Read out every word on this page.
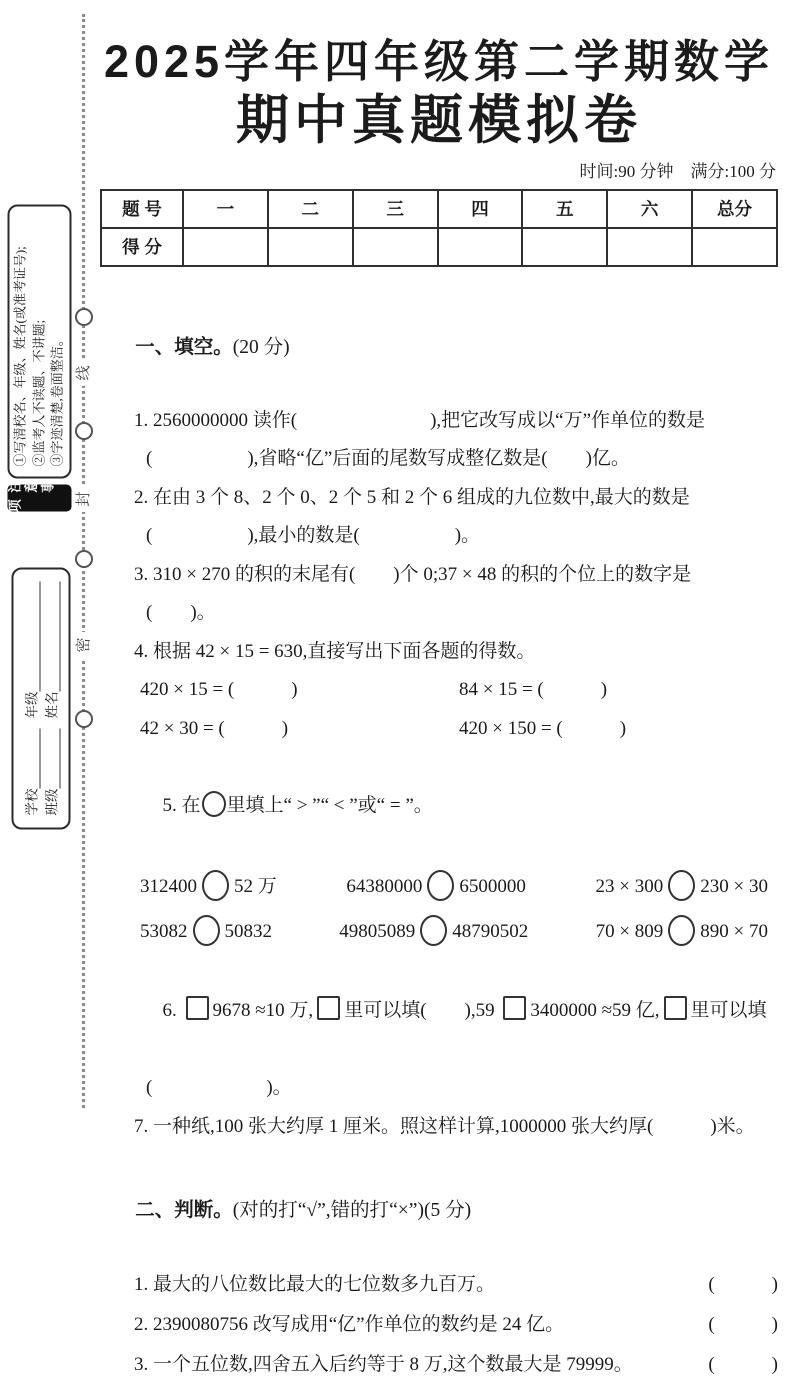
线
封
密
注意事项
①写清校名、年级、姓名(或准考证号); ②监考人不读题、不讲题; ③字迹清楚,卷面整洁。
学校
年级
班级
姓名
2025学年四年级第二学期数学
期中真题模拟卷
时间:90 分钟　满分:100 分
题 号	一	二	三	四	五	六	总分
得 分							

一、填空。(20 分)

1. 2560000000 读作(　　　　　　　),把它改写成以“万”作单位的数是
(　　　　　),省略“亿”后面的尾数写成整亿数是(　　)亿。
2. 在由 3 个 8、2 个 0、2 个 5 和 2 个 6 组成的九位数中,最大的数是
(　　　　　),最小的数是(　　　　　)。
3. 310 × 270 的积的末尾有(　　)个 0;37 × 48 的积的个位上的数字是
(　　)。
4. 根据 42 × 15 = 630,直接写出下面各题的得数。
420 × 15 = (　　　)	84 × 15 = (　　　)
42 × 30 = (　　　)	420 × 150 = (　　　)

5. 在 里填上“ > ”“ < ”或“ = ”。

312400 52 万	64380000 6500000	23 × 300 230 × 30
53082 50832	49805089 48790502	70 × 809 890 × 70

6. 9678 ≈10 万, 里可以填(　　),59 3400000 ≈59 亿, 里可以填

(　　　　　　)。
7. 一种纸,100 张大约厚 1 厘米。照这样计算,1000000 张大约厚(　　　)米。

二、判断。(对的打“√”,错的打“×”)(5 分)

1. 最大的八位数比最大的七位数多九百万。	(　　　)
2. 2390080756 改写成用“亿”作单位的数约是 24 亿。	(　　　)
3. 一个五位数,四舍五入后约等于 8 万,这个数最大是 79999。	(　　　)
